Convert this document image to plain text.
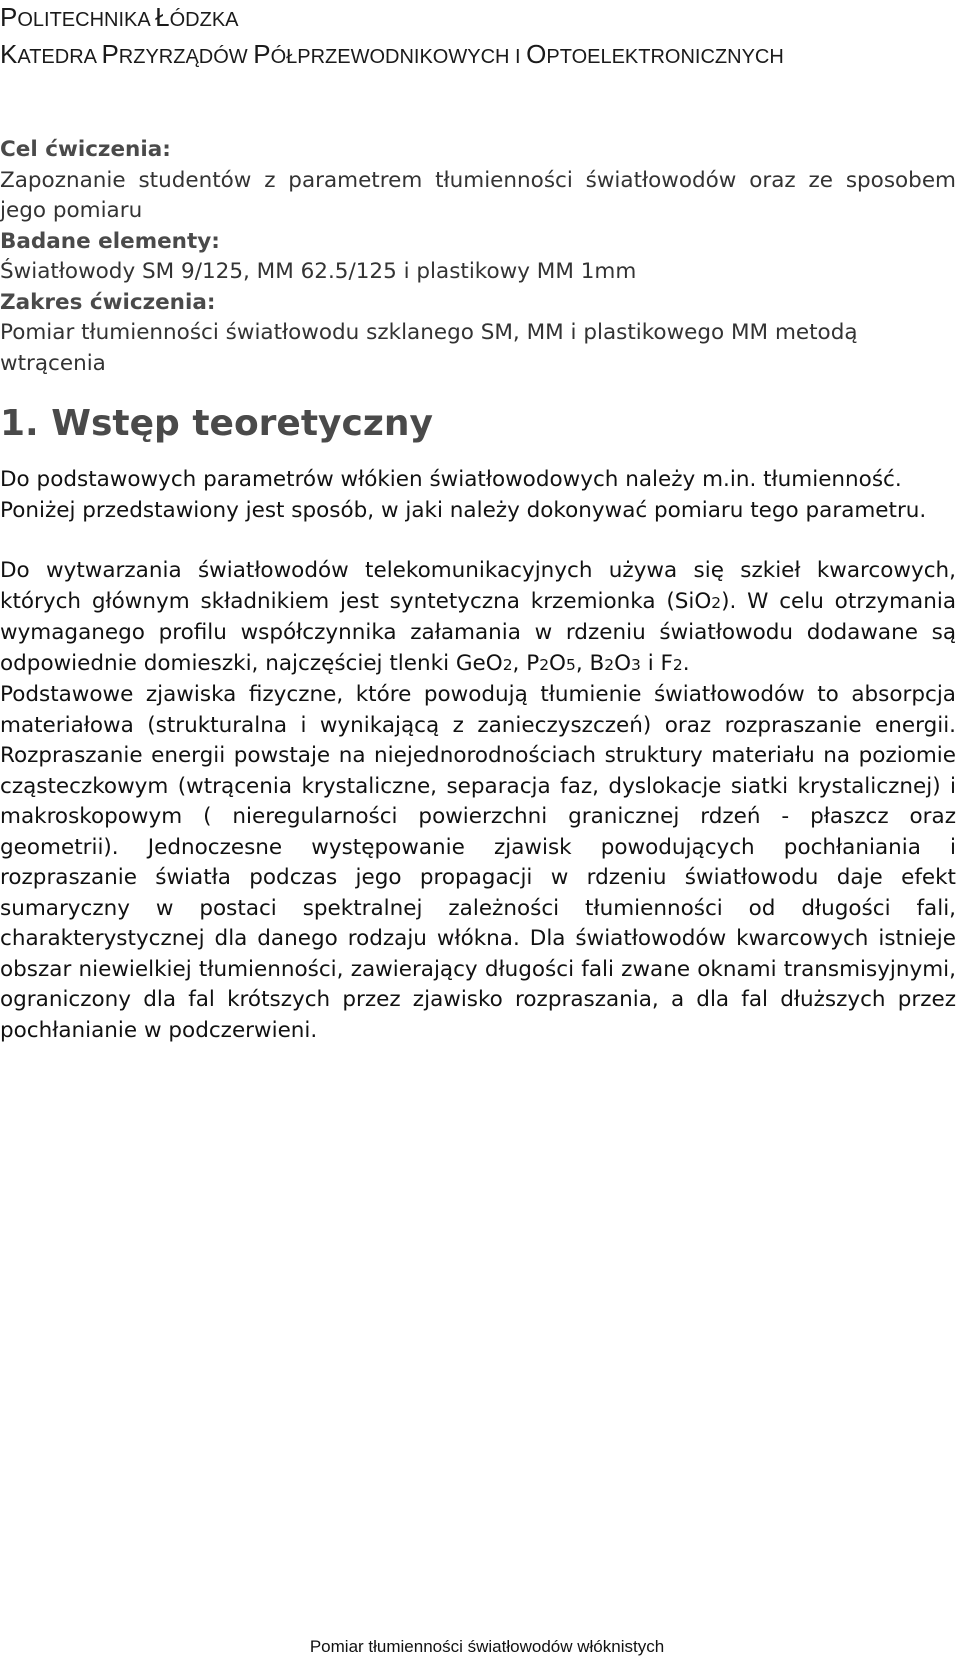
POLITECHNIKA ŁÓDZKA
KATEDRA PRZYRZĄDÓW PÓŁPRZEWODNIKOWYCH I OPTOELEKTRONICZNYCH
Cel ćwiczenia:
Zapoznanie studentów z parametrem tłumienności światłowodów oraz ze sposobem jego pomiaru
Badane elementy:
Światłowody SM 9/125, MM 62.5/125 i plastikowy MM 1mm
Zakres ćwiczenia:
Pomiar tłumienności światłowodu szklanego SM, MM i plastikowego MM metodą wtrącenia
1. Wstęp teoretyczny

Do podstawowych parametrów włókien światłowodowych należy m.in. tłumienność. Poniżej przedstawiony jest sposób, w jaki należy dokonywać pomiaru tego parametru.

Do wytwarzania światłowodów telekomunikacyjnych używa się szkieł kwarcowych, których głównym składnikiem jest syntetyczna krzemionka (SiO2). W celu otrzymania wymaganego profilu współczynnika załamania w rdzeniu światłowodu dodawane są odpowiednie domieszki, najczęściej tlenki GeO2, P2O5, B2O3 i F2.

Podstawowe zjawiska fizyczne, które powodują tłumienie światłowodów to absorpcja materiałowa (strukturalna i wynikającą z zanieczyszczeń) oraz rozpraszanie energii. Rozpraszanie energii powstaje na niejednorodnościach struktury materiału na poziomie cząsteczkowym (wtrącenia krystaliczne, separacja faz, dyslokacje siatki krystalicznej) i makroskopowym ( nieregularności powierzchni granicznej rdzeń - płaszcz oraz geometrii). Jednoczesne występowanie zjawisk powodujących pochłaniania i rozpraszanie światła podczas jego propagacji w rdzeniu światłowodu daje efekt sumaryczny w postaci spektralnej zależności tłumienności od długości fali, charakterystycznej dla danego rodzaju włókna. Dla światłowodów kwarcowych istnieje obszar niewielkiej tłumienności, zawierający długości fali zwane oknami transmisyjnymi, ograniczony dla fal krótszych przez zjawisko rozpraszania, a dla fal dłuższych przez pochłanianie w podczerwieni.

Pomiar tłumienności światłowodów włóknistych
